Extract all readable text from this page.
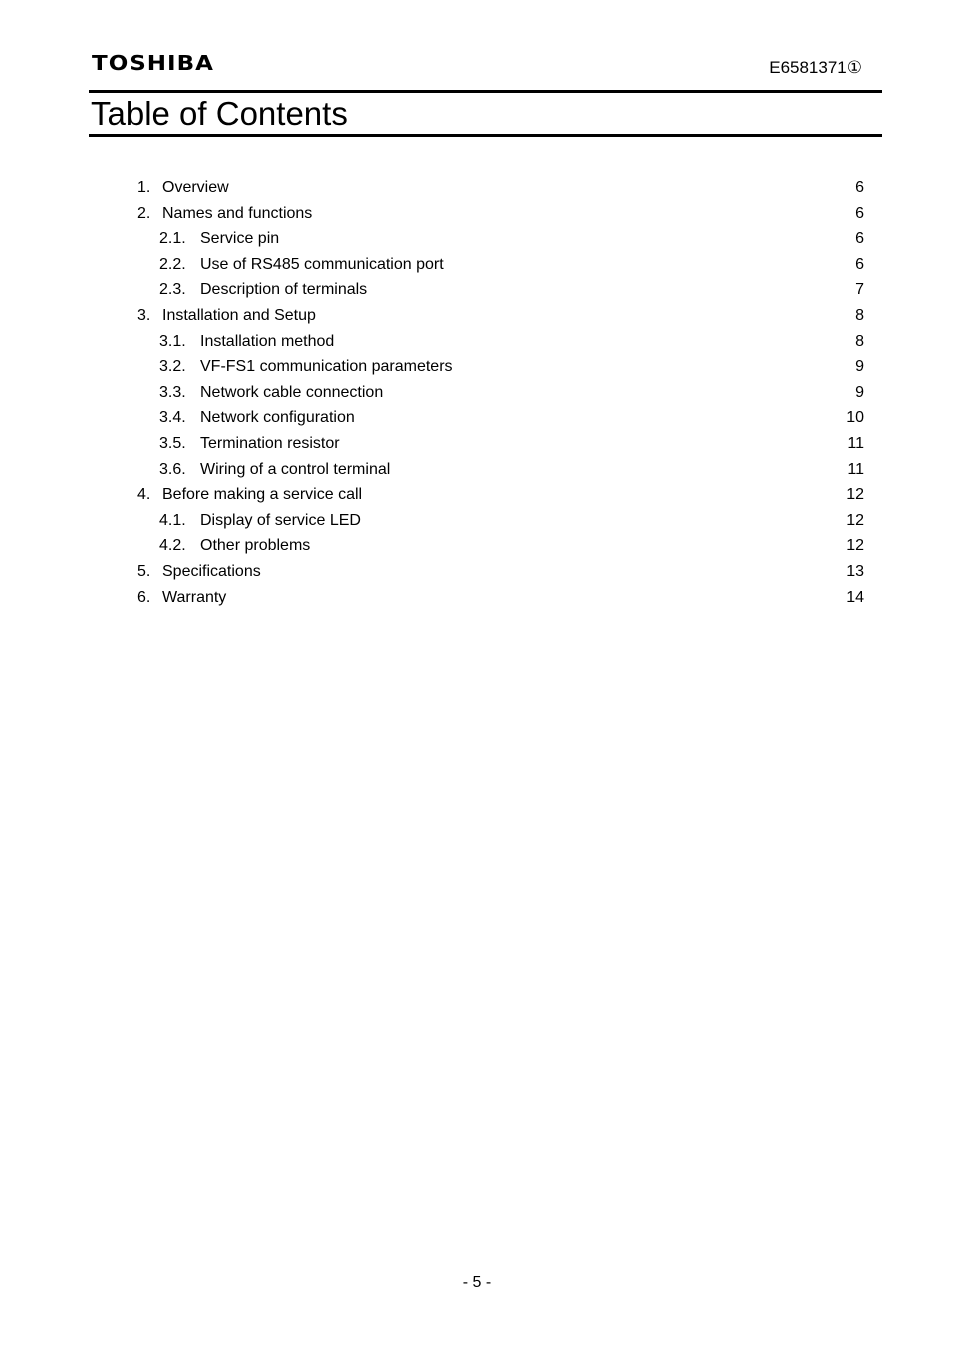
TOSHIBA	E6581371①
Table of Contents
1. Overview	6
2. Names and functions	6
2.1. Service pin	6
2.2. Use of RS485 communication port	6
2.3. Description of terminals	7
3. Installation and Setup	8
3.1. Installation method	8
3.2. VF-FS1 communication parameters	9
3.3. Network cable connection	9
3.4. Network configuration	10
3.5. Termination resistor	11
3.6. Wiring of a control terminal	11
4. Before making a service call	12
4.1. Display of service LED	12
4.2. Other problems	12
5. Specifications	13
6. Warranty	14
- 5 -
